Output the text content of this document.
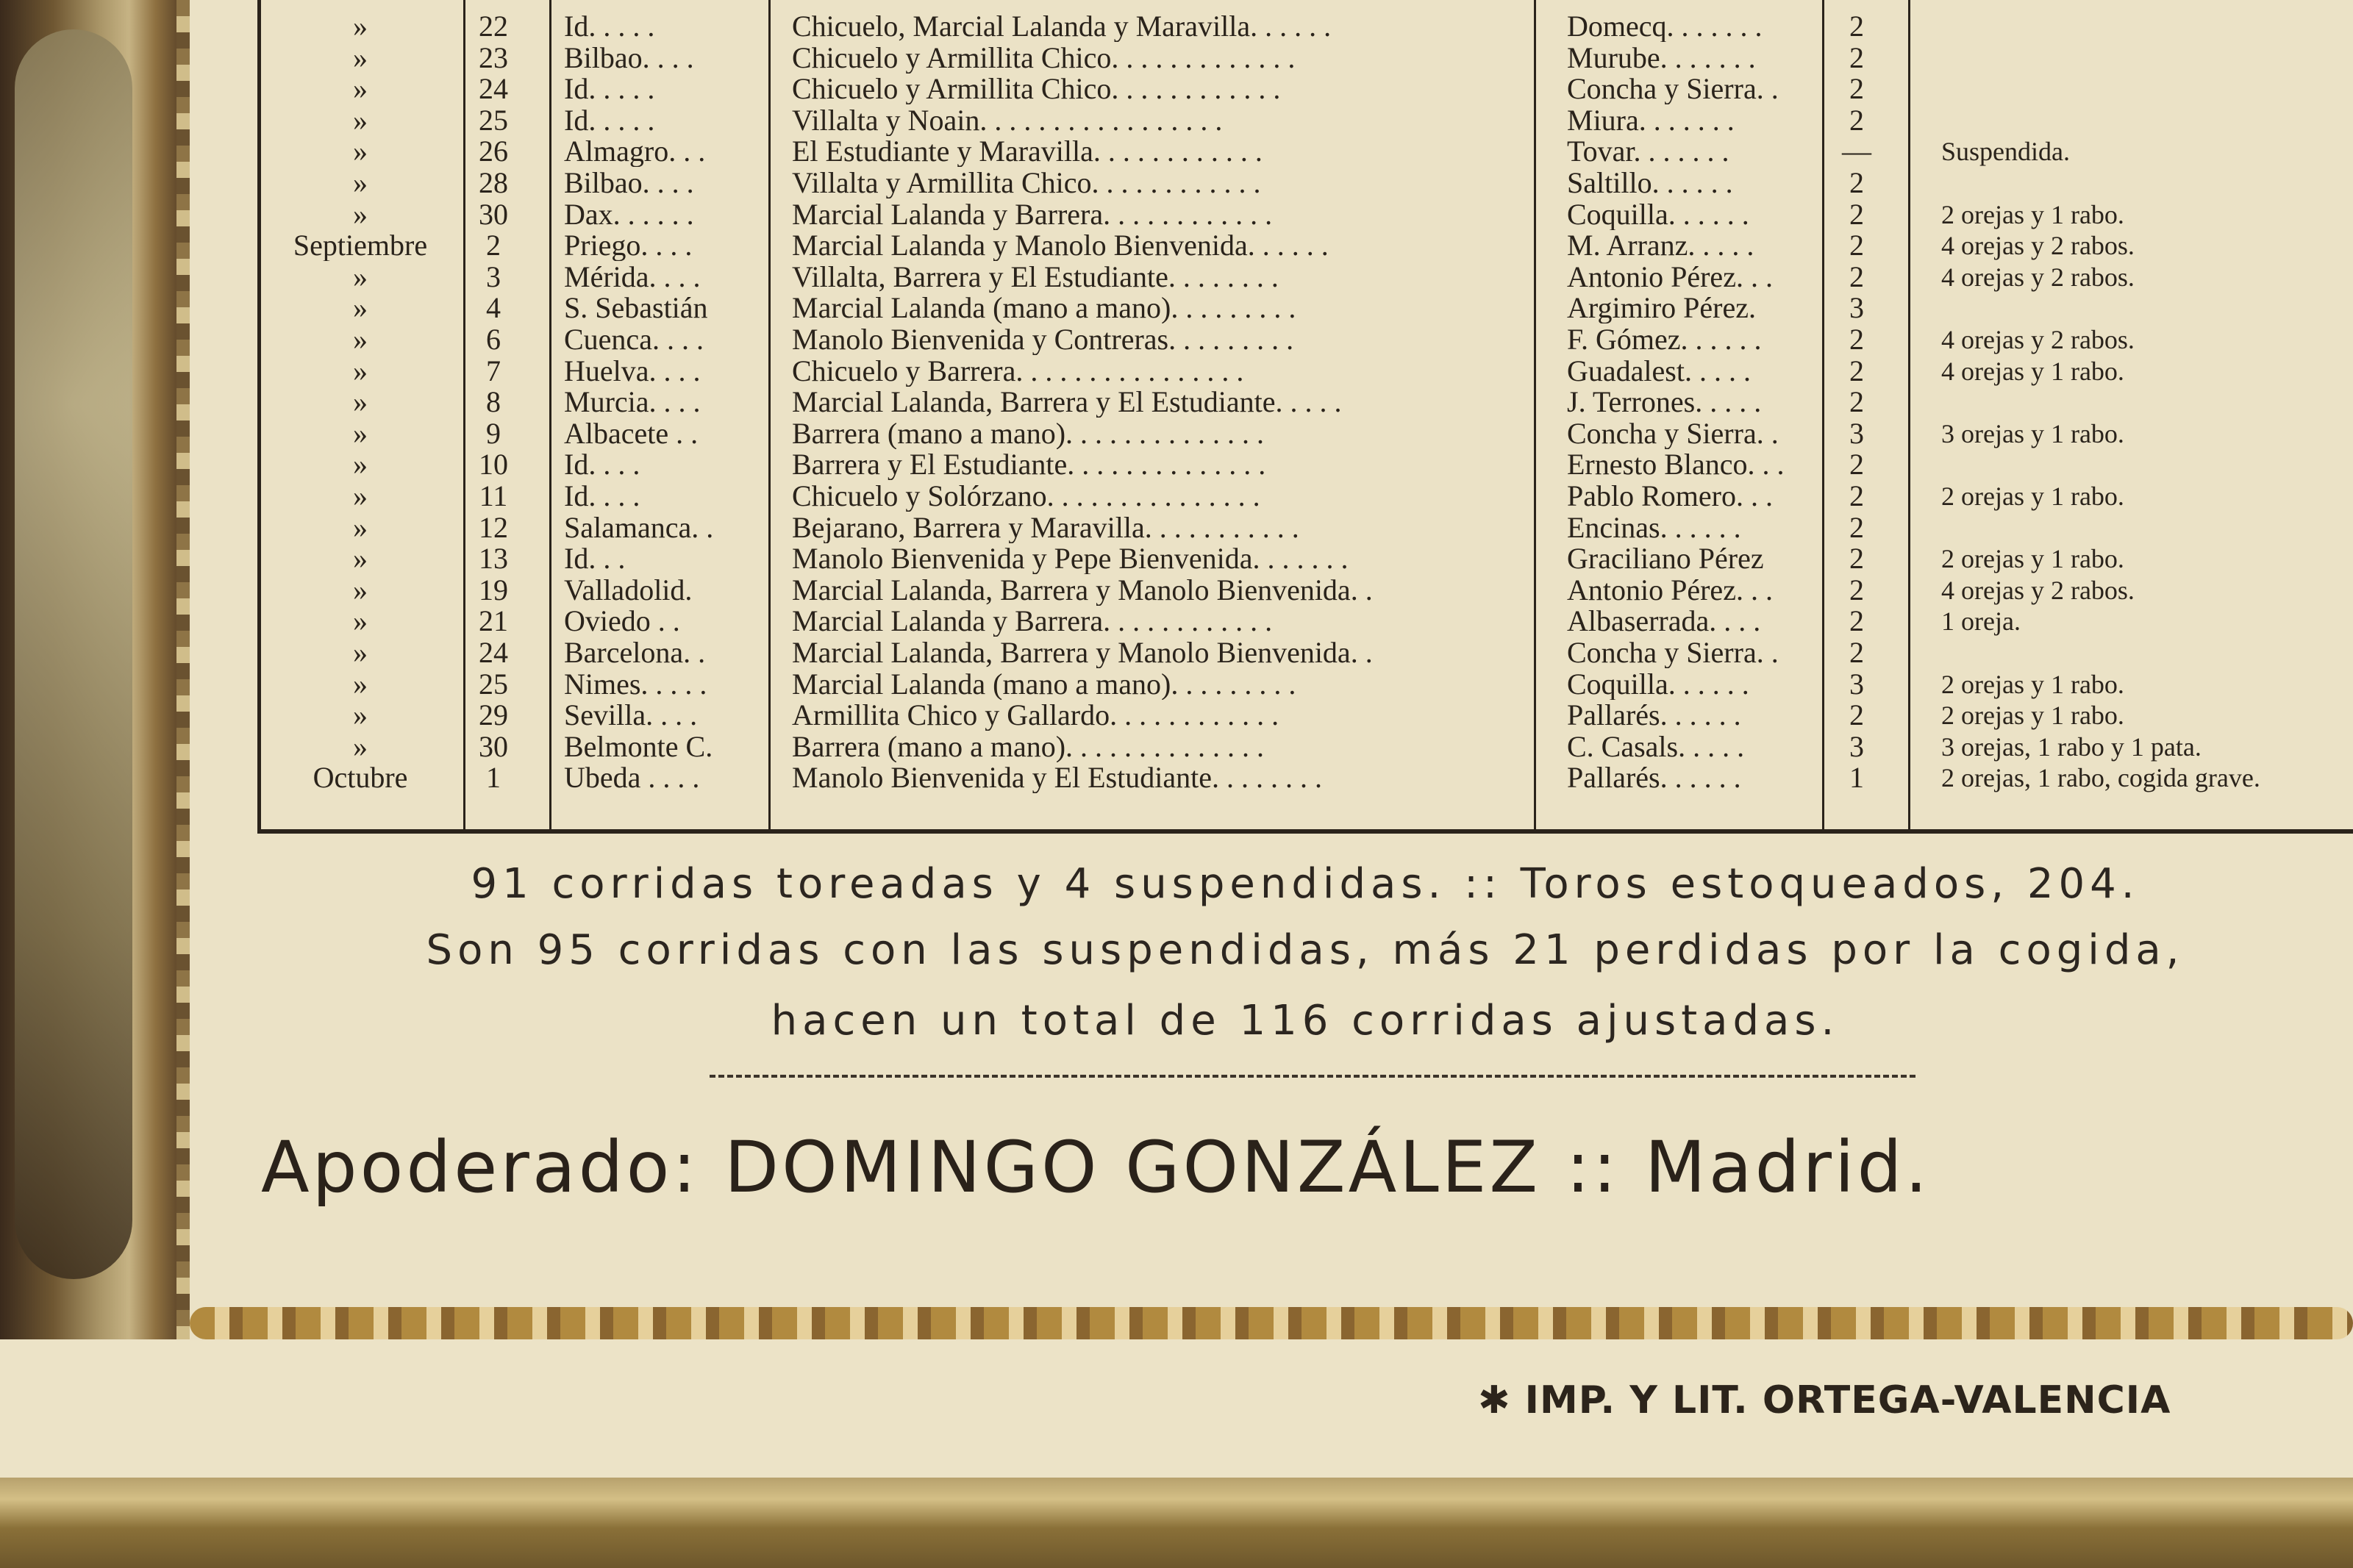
»	22	Id. . . . .	Chicuelo, Marcial Lalanda y Maravilla. . . . . .	Domecq. . . . . . .	2
»	23	Bilbao. . . .	Chicuelo y Armillita Chico. . . . . . . . . . . . .	Murube. . . . . . .	2
»	24	Id. . . . .	Chicuelo y Armillita Chico. . . . . . . . . . . .	Concha y Sierra. .	2
»	25	Id. . . . .	Villalta y Noain. . . . . . . . . . . . . . . . .	Miura. . . . . . .	2
»	26	Almagro. . .	El Estudiante y Maravilla. . . . . . . . . . . .	Tovar. . . . . . .	—	Suspendida.
»	28	Bilbao. . . .	Villalta y Armillita Chico. . . . . . . . . . . .	Saltillo. . . . . .	2
»	30	Dax. . . . . .	Marcial Lalanda y Barrera. . . . . . . . . . . .	Coquilla. . . . . .	2	2 orejas y 1 rabo.
Septiembre	2	Priego. . . .	Marcial Lalanda y Manolo Bienvenida. . . . . .	M. Arranz. . . . .	2	4 orejas y 2 rabos.
»	3	Mérida. . . .	Villalta, Barrera y El Estudiante. . . . . . . .	Antonio Pérez. . .	2	4 orejas y 2 rabos.
»	4	S. Sebastián	Marcial Lalanda (mano a mano). . . . . . . . .	Argimiro Pérez.	3
»	6	Cuenca. . . .	Manolo Bienvenida y Contreras. . . . . . . . .	F. Gómez. . . . . .	2	4 orejas y 2 rabos.
»	7	Huelva. . . .	Chicuelo y Barrera. . . . . . . . . . . . . . . .	Guadalest. . . . .	2	4 orejas y 1 rabo.
»	8	Murcia. . . .	Marcial Lalanda, Barrera y El Estudiante. . . . .	J. Terrones. . . . .	2
»	9	Albacete . .	Barrera (mano a mano). . . . . . . . . . . . . .	Concha y Sierra. .	3	3 orejas y 1 rabo.
»	10	Id. . . .	Barrera y El Estudiante. . . . . . . . . . . . . .	Ernesto Blanco. . .	2
»	11	Id. . . .	Chicuelo y Solórzano. . . . . . . . . . . . . . .	Pablo Romero. . .	2	2 orejas y 1 rabo.
»	12	Salamanca. .	Bejarano, Barrera y Maravilla. . . . . . . . . . .	Encinas. . . . . .	2
»	13	Id. . .	Manolo Bienvenida y Pepe Bienvenida. . . . . . .	Graciliano Pérez	2	2 orejas y 1 rabo.
»	19	Valladolid.	Marcial Lalanda, Barrera y Manolo Bienvenida. .	Antonio Pérez. . .	2	4 orejas y 2 rabos.
»	21	Oviedo . .	Marcial Lalanda y Barrera. . . . . . . . . . . .	Albaserrada. . . .	2	1 oreja.
»	24	Barcelona. .	Marcial Lalanda, Barrera y Manolo Bienvenida. .	Concha y Sierra. .	2
»	25	Nimes. . . . .	Marcial Lalanda (mano a mano). . . . . . . . .	Coquilla. . . . . .	3	2 orejas y 1 rabo.
»	29	Sevilla. . . .	Armillita Chico y Gallardo. . . . . . . . . . . .	Pallarés. . . . . .	2	2 orejas y 1 rabo.
»	30	Belmonte C.	Barrera (mano a mano). . . . . . . . . . . . . .	C. Casals. . . . .	3	3 orejas, 1 rabo y 1 pata.
Octubre	1	Ubeda . . . .	Manolo Bienvenida y El Estudiante. . . . . . . .	Pallarés. . . . . .	1	2 orejas, 1 rabo, cogida grave.
91 corridas toreadas y 4 suspendidas. :: Toros estoqueados, 204.
Son 95 corridas con las suspendidas, más 21 perdidas por la cogida,
hacen un total de 116 corridas ajustadas.
Apoderado: DOMINGO GONZÁLEZ :: Madrid.
✱ IMP. Y LIT. ORTEGA-VALENCIA
